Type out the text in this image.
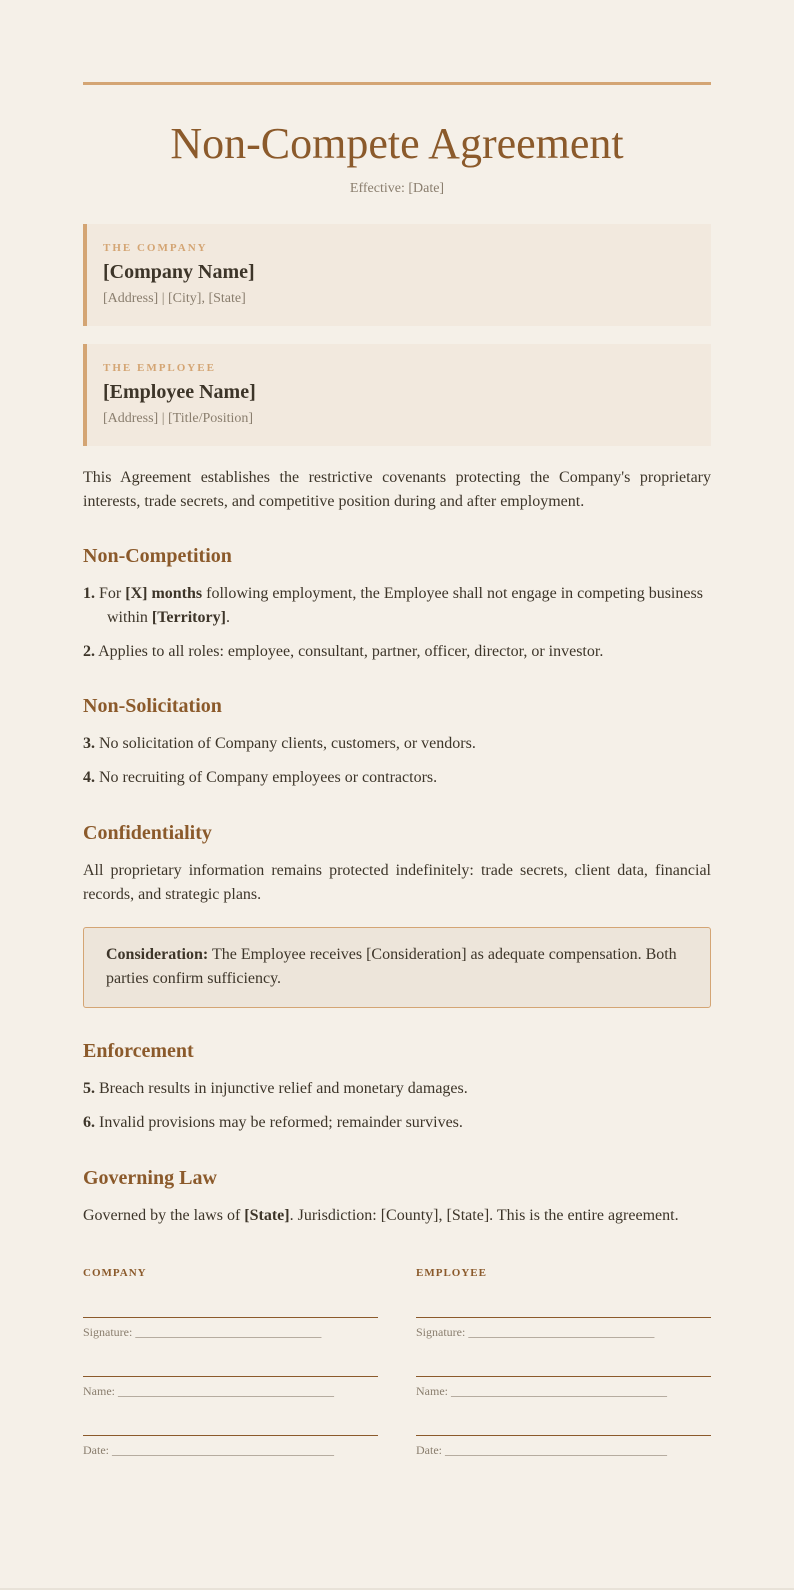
Non-Compete Agreement
Effective: [Date]
THE COMPANY
[Company Name]
[Address] | [City], [State]
THE EMPLOYEE
[Employee Name]
[Address] | [Title/Position]

This Agreement establishes the restrictive covenants protecting the Company's proprietary interests, trade secrets, and competitive position during and after employment.

Non-Competition
1. For [X] months following employment, the Employee shall not engage in competing business within [Territory].
2. Applies to all roles: employee, consultant, partner, officer, director, or investor.
Non-Solicitation
3. No solicitation of Company clients, customers, or vendors.
4. No recruiting of Company employees or contractors.
Confidentiality

All proprietary information remains protected indefinitely: trade secrets, client data, financial records, and strategic plans.

Consideration: The Employee receives [Consideration] as adequate compensation. Both parties confirm sufficiency.
Enforcement
5. Breach results in injunctive relief and monetary damages.
6. Invalid provisions may be reformed; remainder survives.
Governing Law

Governed by the laws of [State]. Jurisdiction: [County], [State]. This is the entire agreement.

COMPANY
Signature: _______________________________
Name: ____________________________________
Date: _____________________________________
EMPLOYEE
Signature: _______________________________
Name: ____________________________________
Date: _____________________________________
